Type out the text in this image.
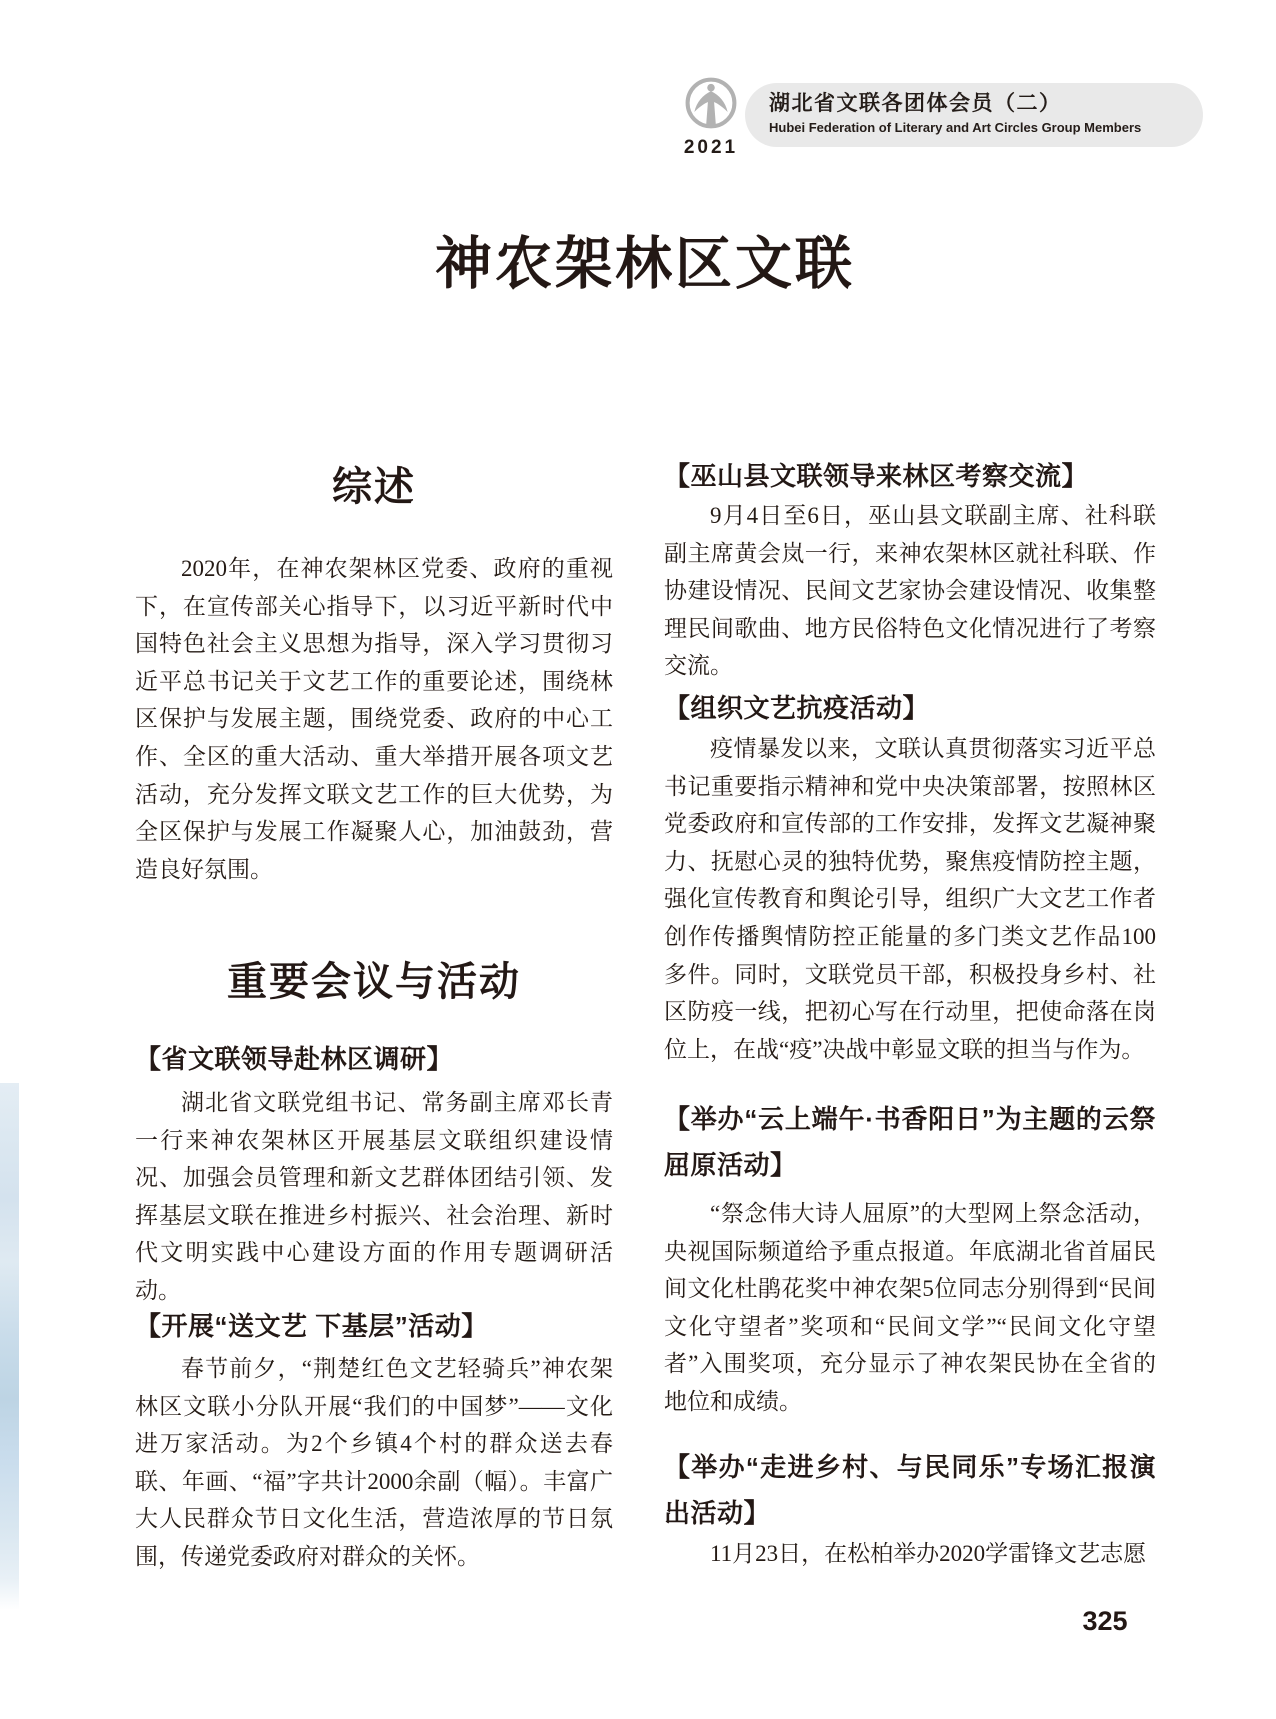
2021
湖北省文联各团体会员（二）
Hubei Federation of Literary and Art Circles Group Members
神农架林区文联
综述
2020年，在神农架林区党委、政府的重视下，在宣传部关心指导下，以习近平新时代中国特色社会主义思想为指导，深入学习贯彻习近平总书记关于文艺工作的重要论述，围绕林区保护与发展主题，围绕党委、政府的中心工作、全区的重大活动、重大举措开展各项文艺活动，充分发挥文联文艺工作的巨大优势，为全区保护与发展工作凝聚人心，加油鼓劲，营造良好氛围。
重要会议与活动
【省文联领导赴林区调研】
湖北省文联党组书记、常务副主席邓长青一行来神农架林区开展基层文联组织建设情况、加强会员管理和新文艺群体团结引领、发挥基层文联在推进乡村振兴、社会治理、新时代文明实践中心建设方面的作用专题调研活动。
【开展“送文艺 下基层”活动】
春节前夕，“荆楚红色文艺轻骑兵”神农架林区文联小分队开展“我们的中国梦”——文化进万家活动。为2个乡镇4个村的群众送去春联、年画、“福”字共计2000余副（幅）。丰富广大人民群众节日文化生活，营造浓厚的节日氛围，传递党委政府对群众的关怀。
【巫山县文联领导来林区考察交流】
9月4日至6日，巫山县文联副主席、社科联副主席黄会岚一行，来神农架林区就社科联、作协建设情况、民间文艺家协会建设情况、收集整理民间歌曲、地方民俗特色文化情况进行了考察交流。
【组织文艺抗疫活动】
疫情暴发以来，文联认真贯彻落实习近平总书记重要指示精神和党中央决策部署，按照林区党委政府和宣传部的工作安排，发挥文艺凝神聚力、抚慰心灵的独特优势，聚焦疫情防控主题，强化宣传教育和舆论引导，组织广大文艺工作者创作传播舆情防控正能量的多门类文艺作品100多件。同时，文联党员干部，积极投身乡村、社区防疫一线，把初心写在行动里，把使命落在岗位上，在战“疫”决战中彰显文联的担当与作为。
【举办“云上端午·书香阳日”为主题的云祭屈原活动】
“祭念伟大诗人屈原”的大型网上祭念活动，央视国际频道给予重点报道。年底湖北省首届民间文化杜鹃花奖中神农架5位同志分别得到“民间文化守望者”奖项和“民间文学”“民间文化守望者”入围奖项，充分显示了神农架民协在全省的地位和成绩。
【举办“走进乡村、与民同乐”专场汇报演出活动】
11月23日，在松柏举办2020学雷锋文艺志愿
325
